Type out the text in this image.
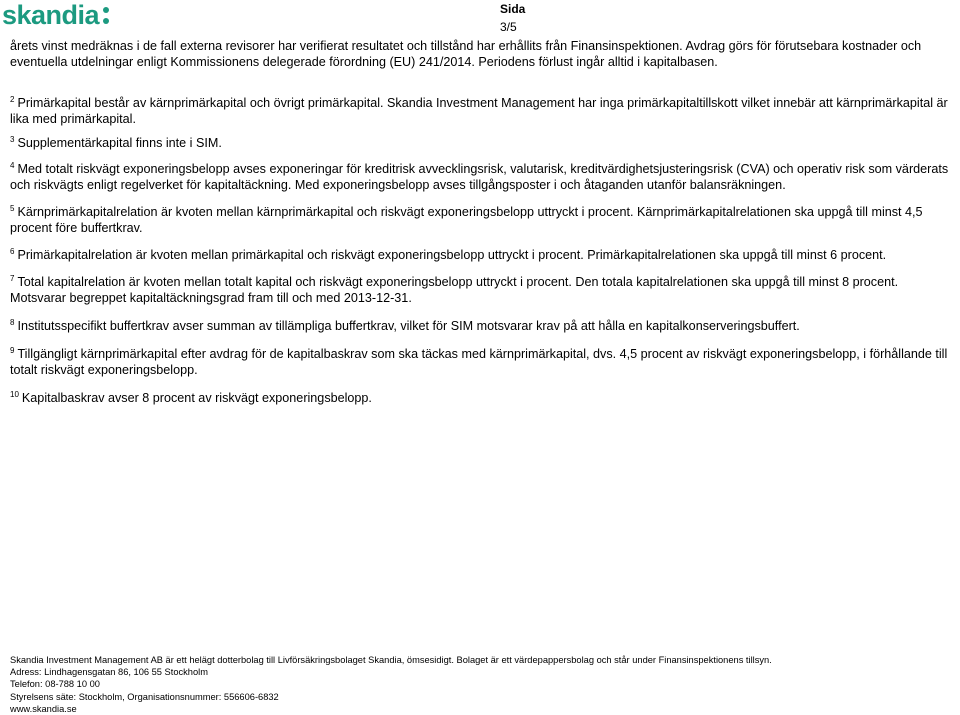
skandia	Sida
3/5

årets vinst medräknas i de fall externa revisorer har verifierat resultatet och tillstånd har erhållits från Finansinspektionen. Avdrag görs för förutsebara kostnader och eventuella utdelningar enligt Kommissionens delegerade förordning (EU) 241/2014. Periodens förlust ingår alltid i kapitalbasen.

$^2$ Primärkapital består av kärnprimärkapital och övrigt primärkapital. Skandia Investment Management har inga primärkapitaltillskott vilket innebär att kärnprimärkapital är lika med primärkapital.

$^3$ Supplementärkapital finns inte i SIM.

$^4$ Med totalt riskvägt exponeringsbelopp avses exponeringar för kreditrisk avvecklingsrisk, valutarisk, kreditvärdighetsjusteringsrisk (CVA) och operativ risk som värderats och riskvägts enligt regelverket för kapitaltäckning. Med exponeringsbelopp avses tillgångsposter i och åtaganden utanför balansräkningen.

$^5$ Kärnprimärkapitalrelation är kvoten mellan kärnprimärkapital och riskvägt exponeringsbelopp uttryckt i procent. Kärnprimärkapitalrelationen ska uppgå till minst 4,5 procent före buffertkrav.

$^6$ Primärkapitalrelation är kvoten mellan primärkapital och riskvägt exponeringsbelopp uttryckt i procent. Primärkapitalrelationen ska uppgå till minst 6 procent.

$^7$ Total kapitalrelation är kvoten mellan totalt kapital och riskvägt exponeringsbelopp uttryckt i procent. Den totala kapitalrelationen ska uppgå till minst 8 procent. Motsvarar begreppet kapitaltäckningsgrad fram till och med 2013-12-31.

$^8$ Institutsspecifikt buffertkrav avser summan av tillämpliga buffertkrav, vilket för SIM motsvarar krav på att hålla en kapitalkonserveringsbuffert.

$^9$ Tillgängligt kärnprimärkapital efter avdrag för de kapitalbaskrav som ska täckas med kärnprimärkapital, dvs. 4,5 procent av riskvägt exponeringsbelopp, i förhållande till totalt riskvägt exponeringsbelopp.

$^{10}$ Kapitalbaskrav avser 8 procent av riskvägt exponeringsbelopp.

Skandia Investment Management AB är ett helägt dotterbolag till Livförsäkringsbolaget Skandia, ömsesidigt. Bolaget är ett värdepappersbolag och står under Finansinspektionens tillsyn.
Adress: Lindhagensgatan 86, 106 55 Stockholm
Telefon: 08-788 10 00
Styrelsens säte: Stockholm, Organisationsnummer: 556606-6832
www.skandia.se
